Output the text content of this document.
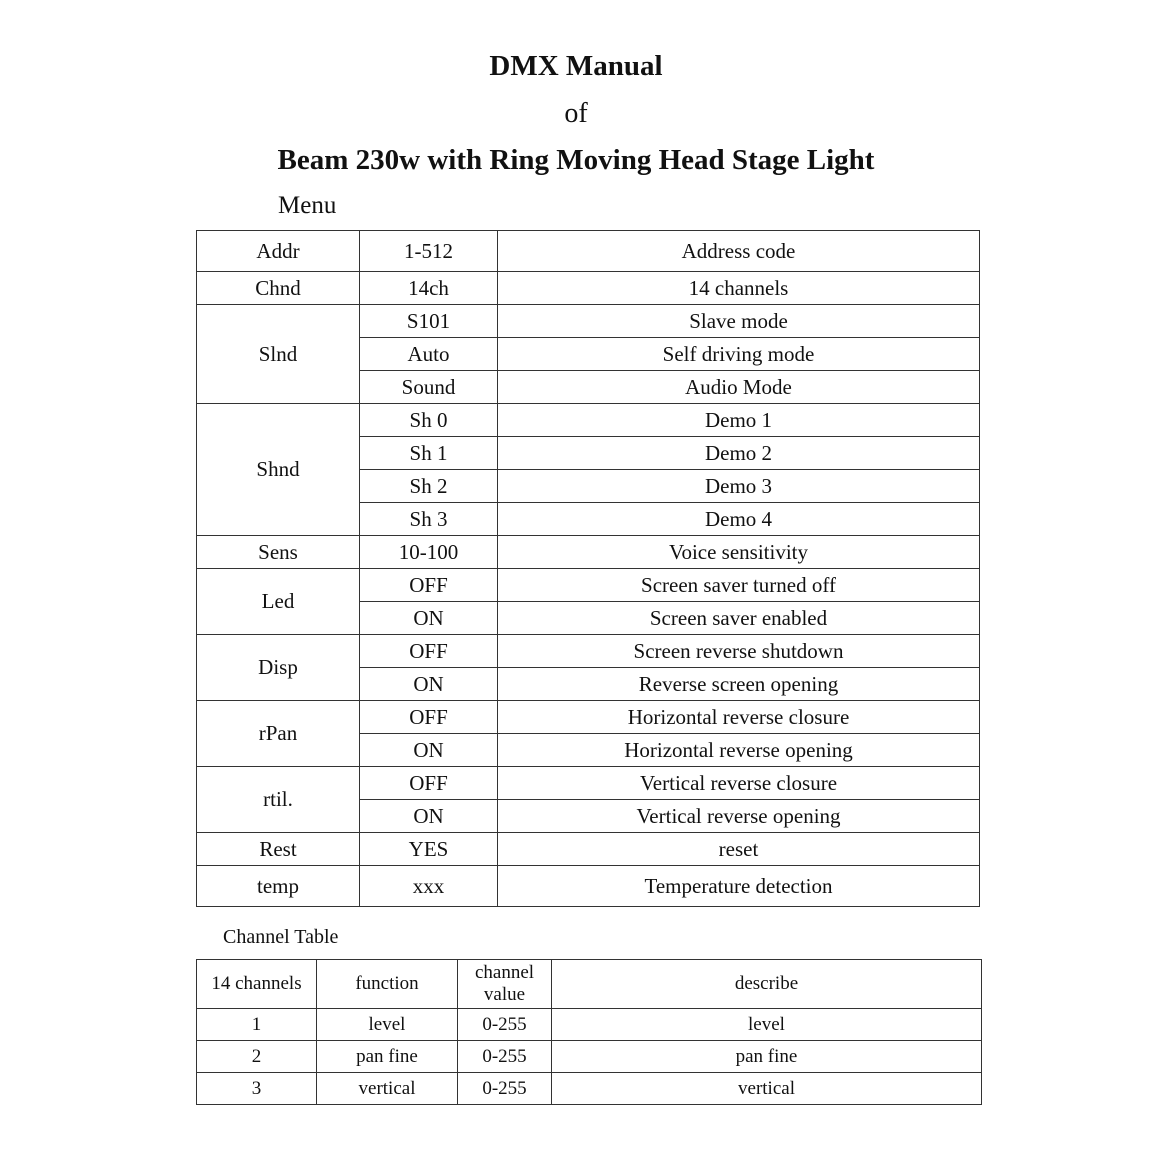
DMX Manual
of
Beam 230w with Ring Moving Head Stage Light
Menu
Addr	1-512	Address code
Chnd	14ch	14 channels
Slnd	S101	Slave mode
	Auto	Self driving mode
	Sound	Audio Mode
Shnd	Sh 0	Demo 1
	Sh 1	Demo 2
	Sh 2	Demo 3
	Sh 3	Demo 4
Sens	10-100	Voice sensitivity
Led	OFF	Screen saver turned off
	ON	Screen saver enabled
Disp	OFF	Screen reverse shutdown
	ON	Reverse screen opening
rPan	OFF	Horizontal reverse closure
	ON	Horizontal reverse opening
rtil.	OFF	Vertical reverse closure
	ON	Vertical reverse opening
Rest	YES	reset
temp	xxx	Temperature detection
Channel Table
14 channels	function	channel value	describe
1	level	0-255	level
2	pan fine	0-255	pan fine
3	vertical	0-255	vertical
